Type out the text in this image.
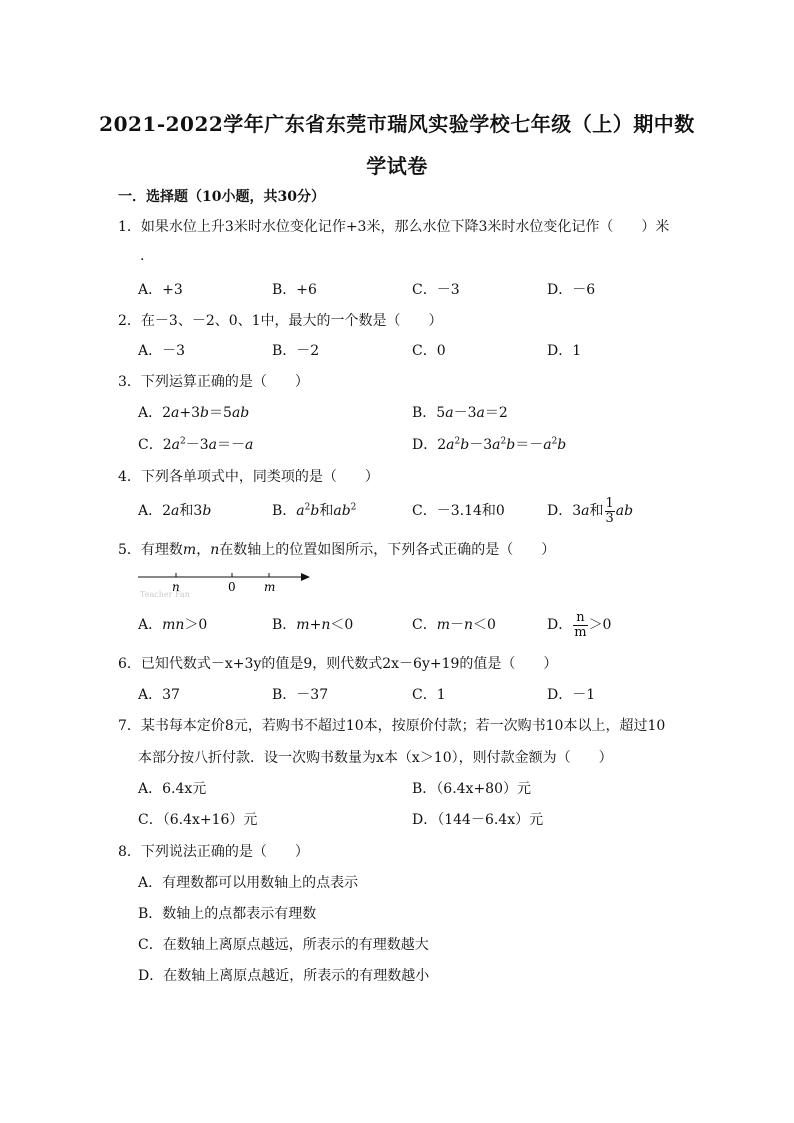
2021-2022学年广东省东莞市瑞风实验学校七年级（上）期中数
学试卷
一．选择题（10小题，共30分）
1．如果水位上升3米时水位变化记作+3米，那么水位下降3米时水位变化记作（　　）米
.
A．+3	B．+6	C．－3	D．－6
2．在－3、－2、0、1中，最大的一个数是（　　）
A．－3	B．－2	C．0	D．1
3．下列运算正确的是（　　）
A．2a+3b＝5ab	B．5a－3a＝2
C．$2a^2-3a=-a$	D．$2a^2b-3a^2b=-a^2b$
4．下列各单项式中，同类项的是（　　）
A．2a和3b	B．$a^2b$和$ab^2$	C．－3.14和0	D．3a和 $\frac{1}{3}$ ab
5．有理数m，n在数轴上的位置如图所示，下列各式正确的是（　　）
n	0 m
Teacher Fan
A．mn＞0	B．m+n＜0	C．m－n＜0	D． $\frac{n}{m} >0$
6．已知代数式－x+3y的值是9，则代数式2x－6y+19的值是（　　）
A．37	B．－37	C．1	D．－1
7．某书每本定价8元，若购书不超过10本，按原价付款；若一次购书10本以上，超过10
本部分按八折付款．设一次购书数量为x本（x＞10），则付款金额为（　　）
A．6.4x元	B．（6.4x+80）元
C．（6.4x+16）元	D．（144－6.4x）元
8．下列说法正确的是（　　）
A．有理数都可以用数轴上的点表示
B．数轴上的点都表示有理数
C．在数轴上离原点越远，所表示的有理数越大
D．在数轴上离原点越近，所表示的有理数越小
